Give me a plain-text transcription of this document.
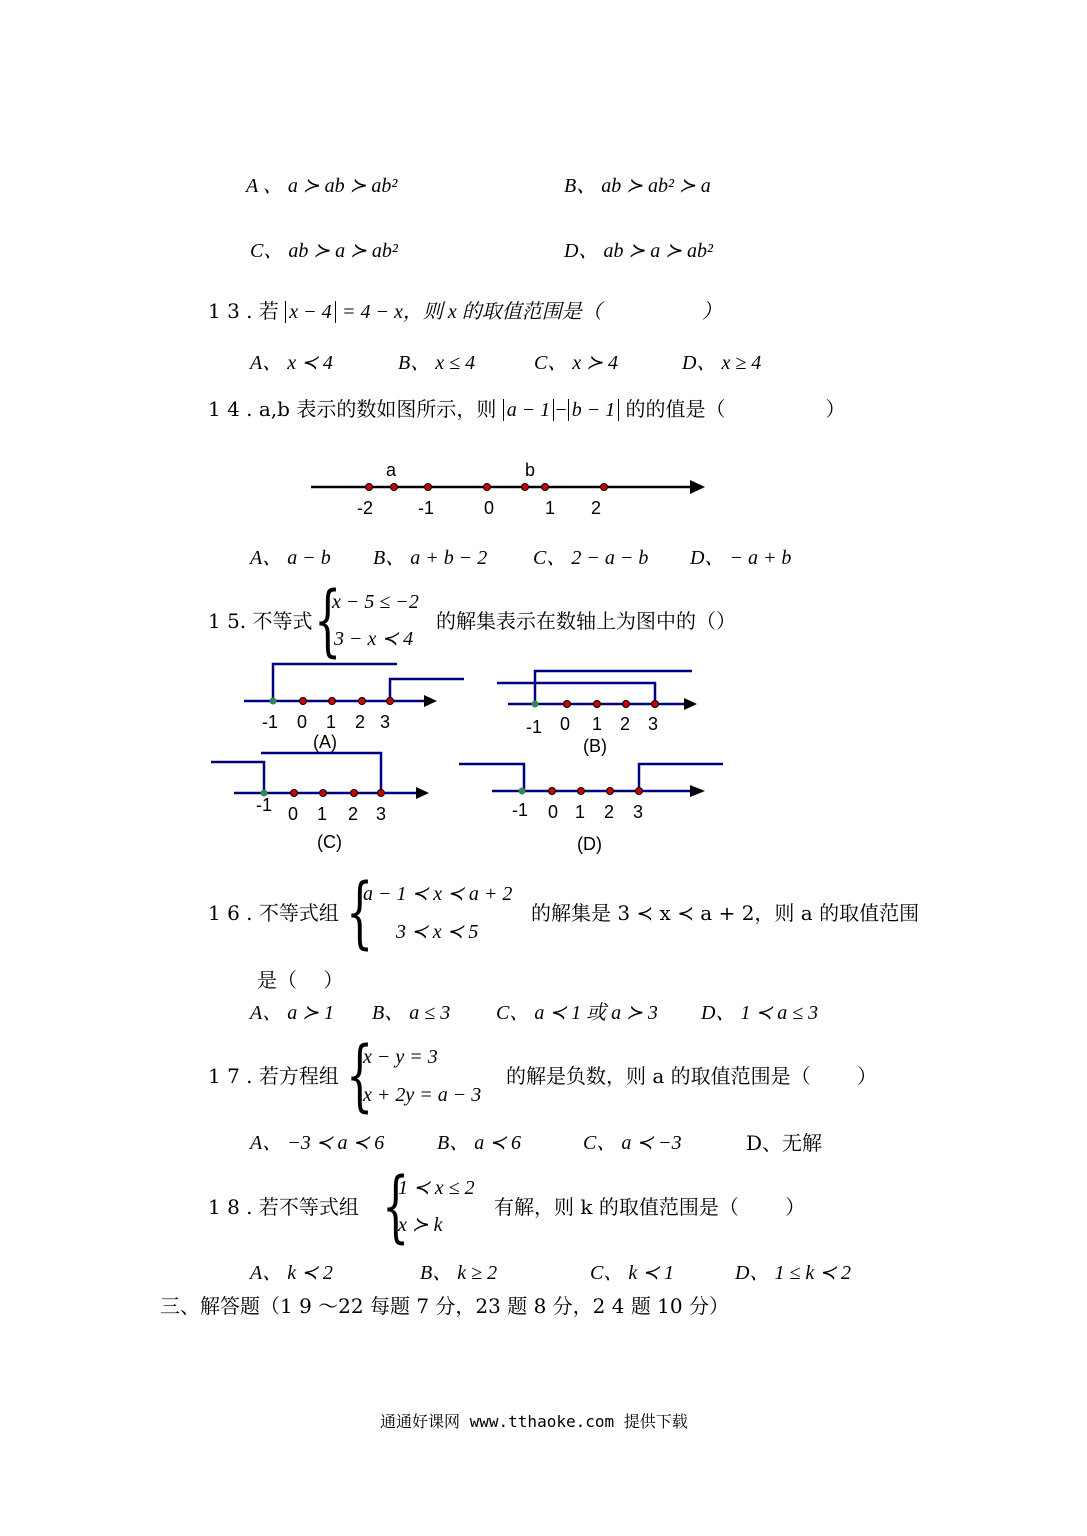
A 、 a ≻ ab ≻ ab²	B、 ab ≻ ab² ≻ a
C、 ab ≻ a ≻ ab²	D、 ab ≻ a ≻ ab²
1 3 . 若 x − 4 = 4 − x，则 x 的取值范围是（　　　　　）
A、 x ≺ 4	B、 x ≤ 4	C、 x ≻ 4	D、 x ≥ 4
1 4 . a,b 表示的数如图所示，则 a − 1 − b − 1 的的值是（　　　　　）
a	b
-2 -1	0	1 2
-1 0 1 2 3
(A)
-1 0 1 2 3
(B)
-1 0 1 2 3
(C)
-1 0 1 2 3
(D)
A、 a − b B、 a + b − 2 C、 2 − a − b D、 − a + b
1 5. 不等式 {
x − 5 ≤ −2
3 − x ≺ 4
的解集表示在数轴上为图中的（）
1 6 . 不等式组 {
a − 1 ≺ x ≺ a + 2
3 ≺ x ≺ 5
的解集是 3 ≺ x ≺ a + 2，则 a 的取值范围
是（　 ）
A、 a ≻ 1 B、 a ≤ 3 C、 a ≺ 1 或 a ≻ 3 D、 1 ≺ a ≤ 3
1 7 . 若方程组 {
x − y = 3
x + 2y = a − 3
的解是负数，则 a 的取值范围是（　　 ）
A、 −3 ≺ a ≺ 6	B、 a ≺ 6	C、 a ≺ −3	D、无解
1 8 . 若不等式组 {
1 ≺ x ≤ 2
x ≻ k
有解，则 k 的取值范围是（　　 ）
A、 k ≺ 2	B、 k ≥ 2	C、 k ≺ 1	D、 1 ≤ k ≺ 2
三、解答题（1 9 ～22 每题 7 分，23 题 8 分，2 4 题 10 分）
通通好课网 www.tthaoke.com 提供下载
